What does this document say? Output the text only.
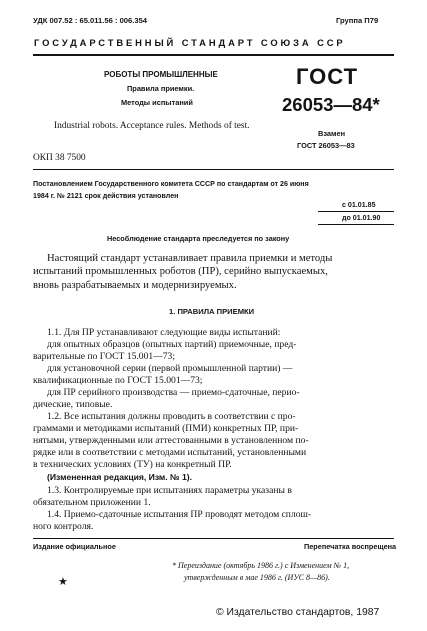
УДК 007.52 : 65.011.56 : 006.354	Группа П79
ГОСУДАРСТВЕННЫЙ СТАНДАРТ СОЮЗА ССР
РОБОТЫ ПРОМЫШЛЕННЫЕ
Правила приемки.
Методы испытаний
Industrial robots. Acceptance rules. Methods of test.
ГОСТ
26053—84*
Взамен
ГОСТ 26053—83
ОКП 38 7500
Постановлением Государственного комитета СССР по стандартам от 26 июня
1984 г. № 2121 срок действия установлен
с 01.01.85
до 01.01.90
Несоблюдение стандарта преследуется по закону
Настоящий стандарт устанавливает правила приемки и методы
испытаний промышленных роботов (ПР), серийно выпускаемых,
вновь разрабатываемых и модернизируемых.
1. ПРАВИЛА ПРИЕМКИ
1.1. Для ПР устанавливают следующие виды испытаний:
для опытных образцов (опытных партий) приемочные, пред-
варительные по ГОСТ 15.001—73;
для установочной серии (первой промышленной партии) —
квалификационные по ГОСТ 15.001—73;
для ПР серийного производства — приемо-сдаточные, перио-
дические, типовые.
1.2. Все испытания должны проводить в соответствии с про-
граммами и методиками испытаний (ПМИ) конкретных ПР, при-
нятыми, утвержденными или аттестованными в установленном по-
рядке или в соответствии с методами испытаний, установленными
в технических условиях (ТУ) на конкретный ПР.
(Измененная редакция, Изм. № 1).
1.3. Контролируемые при испытаниях параметры указаны в
обязательном приложении 1.
1.4. Приемо-сдаточные испытания ПР проводят методом сплош-
ного контроля.
Издание официальное	Перепечатка воспрещена
★
* Переиздание (октябрь 1986 г.) с Изменением № 1,
утвержденным в мае 1986 г. (ИУС 8—86).
© Издательство стандартов, 1987
